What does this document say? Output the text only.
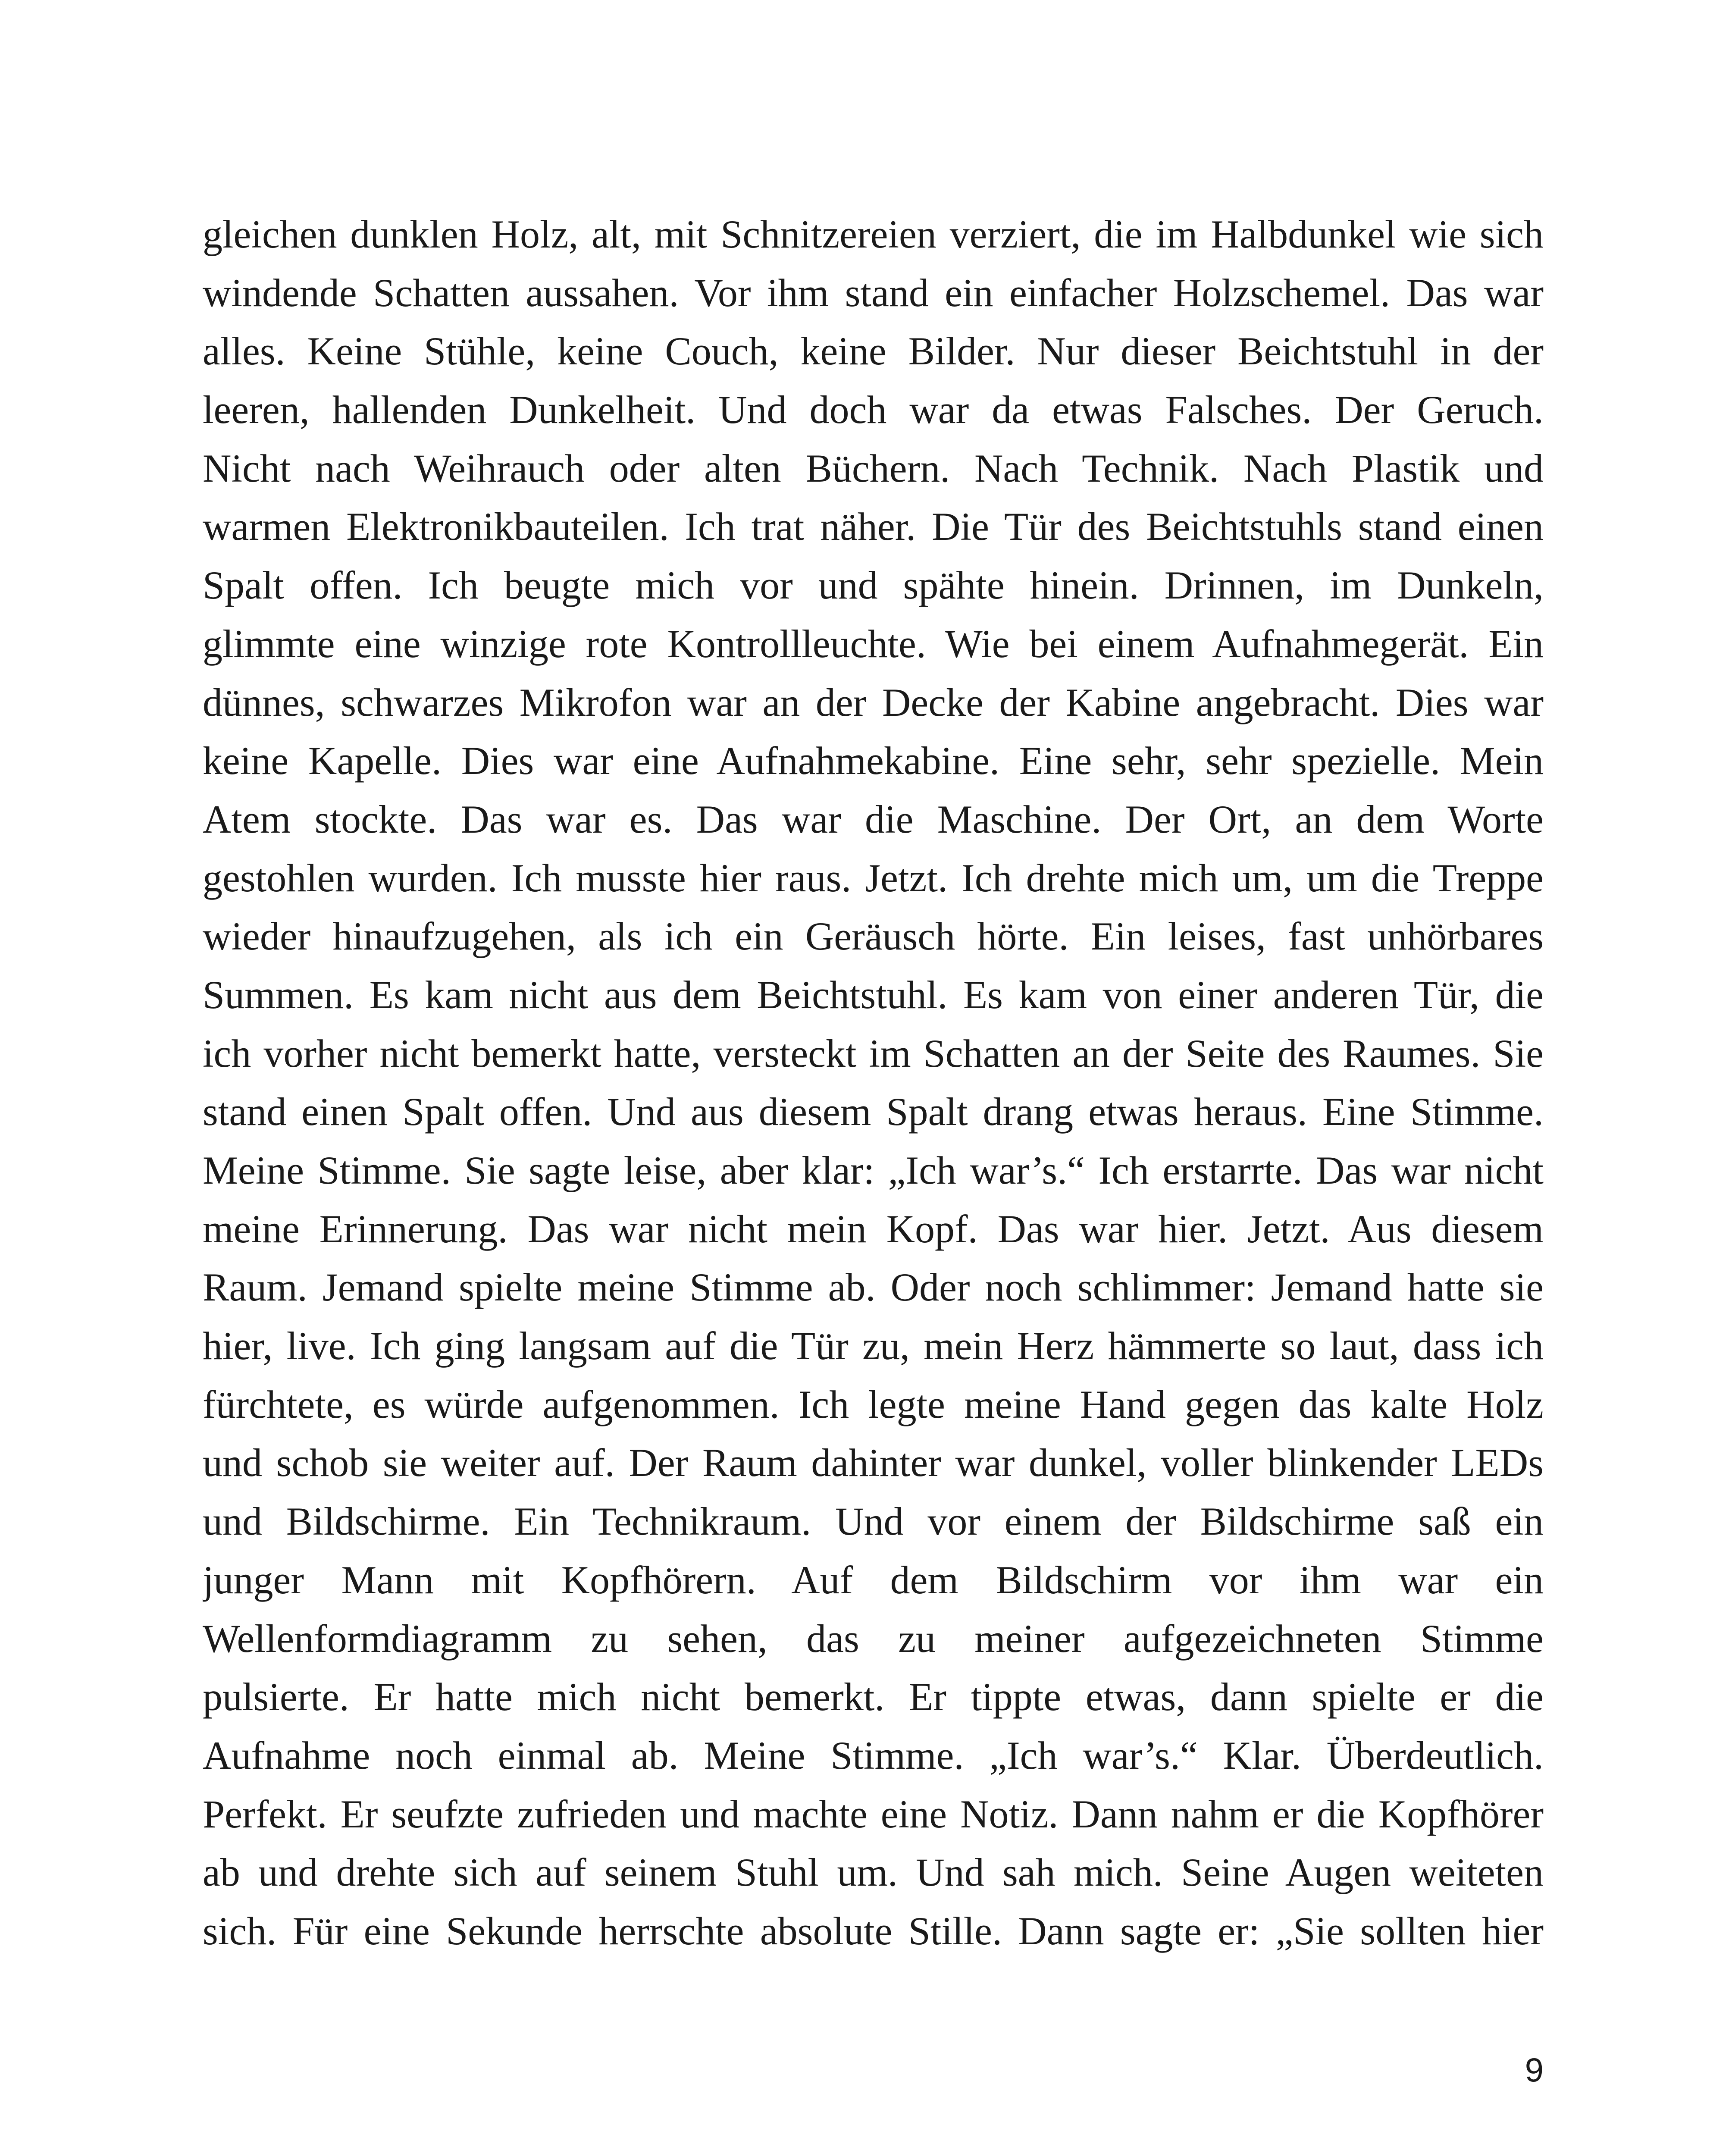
gleichen dunklen Holz, alt, mit Schnitzereien verziert, die im Halbdunkel wie sich
windende Schatten aussahen. Vor ihm stand ein einfacher Holzschemel. Das war
alles. Keine Stühle, keine Couch, keine Bilder. Nur dieser Beichtstuhl in der
leeren, hallenden Dunkelheit. Und doch war da etwas Falsches. Der Geruch.
Nicht nach Weihrauch oder alten Büchern. Nach Technik. Nach Plastik und
warmen Elektronikbauteilen. Ich trat näher. Die Tür des Beichtstuhls stand einen
Spalt offen. Ich beugte mich vor und spähte hinein. Drinnen, im Dunkeln,
glimmte eine winzige rote Kontrollleuchte. Wie bei einem Aufnahmegerät. Ein
dünnes, schwarzes Mikrofon war an der Decke der Kabine angebracht. Dies war
keine Kapelle. Dies war eine Aufnahmekabine. Eine sehr, sehr spezielle. Mein
Atem stockte. Das war es. Das war die Maschine. Der Ort, an dem Worte
gestohlen wurden. Ich musste hier raus. Jetzt. Ich drehte mich um, um die Treppe
wieder hinaufzugehen, als ich ein Geräusch hörte. Ein leises, fast unhörbares
Summen. Es kam nicht aus dem Beichtstuhl. Es kam von einer anderen Tür, die
ich vorher nicht bemerkt hatte, versteckt im Schatten an der Seite des Raumes. Sie
stand einen Spalt offen. Und aus diesem Spalt drang etwas heraus. Eine Stimme.
Meine Stimme. Sie sagte leise, aber klar: „Ich war’s.“ Ich erstarrte. Das war nicht
meine Erinnerung. Das war nicht mein Kopf. Das war hier. Jetzt. Aus diesem
Raum. Jemand spielte meine Stimme ab. Oder noch schlimmer: Jemand hatte sie
hier, live. Ich ging langsam auf die Tür zu, mein Herz hämmerte so laut, dass ich
fürchtete, es würde aufgenommen. Ich legte meine Hand gegen das kalte Holz
und schob sie weiter auf. Der Raum dahinter war dunkel, voller blinkender LEDs
und Bildschirme. Ein Technikraum. Und vor einem der Bildschirme saß ein
junger Mann mit Kopfhörern. Auf dem Bildschirm vor ihm war ein
Wellenformdiagramm zu sehen, das zu meiner aufgezeichneten Stimme
pulsierte. Er hatte mich nicht bemerkt. Er tippte etwas, dann spielte er die
Aufnahme noch einmal ab. Meine Stimme. „Ich war’s.“ Klar. Überdeutlich.
Perfekt. Er seufzte zufrieden und machte eine Notiz. Dann nahm er die Kopfhörer
ab und drehte sich auf seinem Stuhl um. Und sah mich. Seine Augen weiteten
sich. Für eine Sekunde herrschte absolute Stille. Dann sagte er: „Sie sollten hier
9
